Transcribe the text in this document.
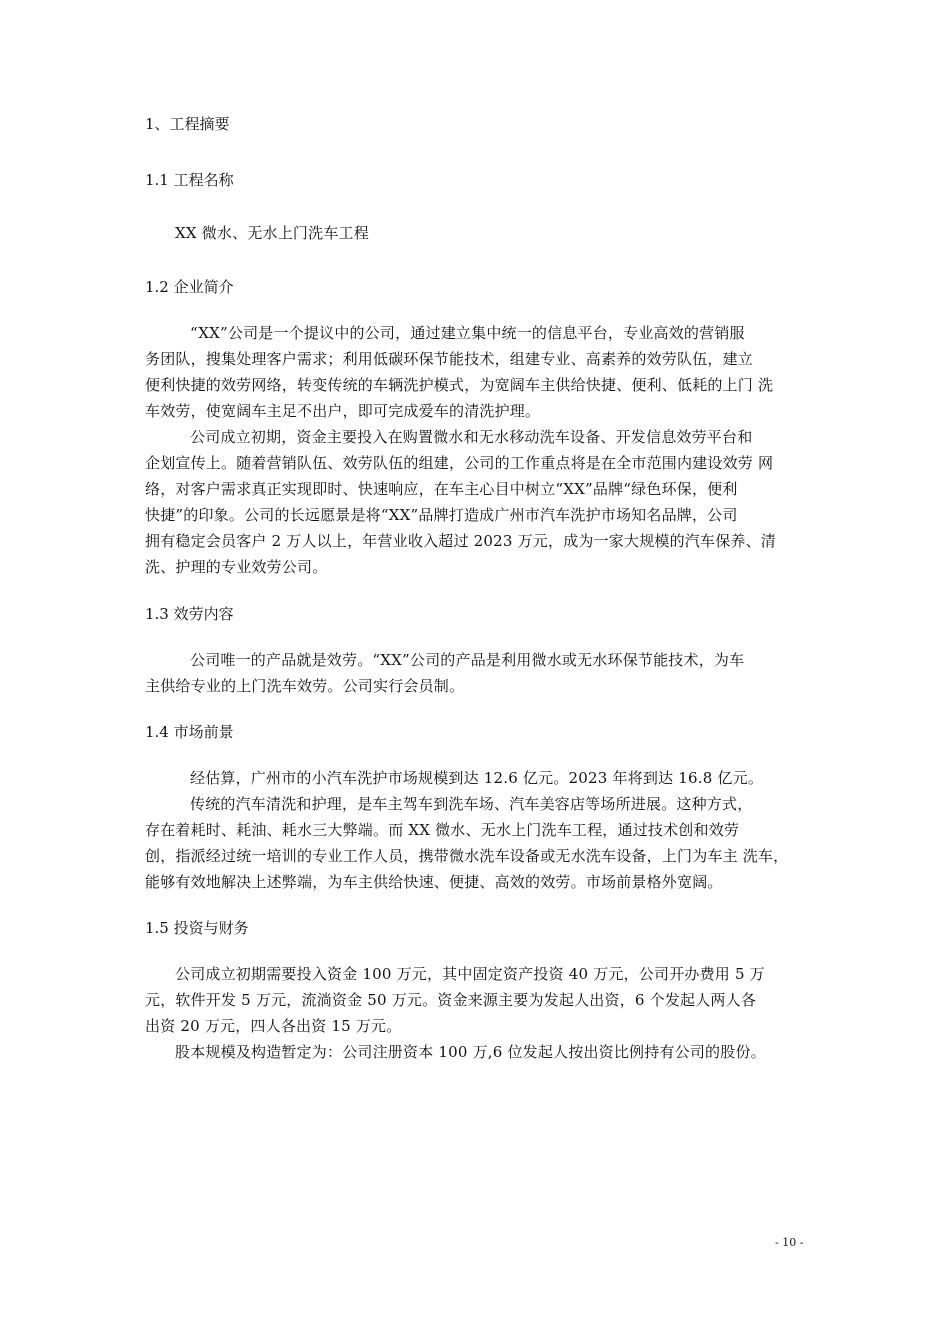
1、工程摘要
1.1 工程名称
XX 微水、无水上门洗车工程
1.2 企业简介
“XX”公司是一个提议中的公司，通过建立集中统一的信息平台，专业高效的营销服
务团队，搜集处理客户需求；利用低碳环保节能技术，组建专业、高素养的效劳队伍，建立
便利快捷的效劳网络，转变传统的车辆洗护模式，为宽阔车主供给快捷、便利、低耗的上门 洗
车效劳，使宽阔车主足不出户，即可完成爱车的清洗护理。
公司成立初期，资金主要投入在购置微水和无水移动洗车设备、开发信息效劳平台和
企划宣传上。随着营销队伍、效劳队伍的组建，公司的工作重点将是在全市范围内建设效劳 网
络，对客户需求真正实现即时、快速响应，在车主心目中树立“XX”品牌“绿色环保，便利
快捷”的印象。公司的长远愿景是将“XX”品牌打造成广州市汽车洗护市场知名品牌，公司
拥有稳定会员客户 2 万人以上，年营业收入超过 2023 万元，成为一家大规模的汽车保养、清
洗、护理的专业效劳公司。
1.3 效劳内容
公司唯一的产品就是效劳。“XX”公司的产品是利用微水或无水环保节能技术，为车
主供给专业的上门洗车效劳。公司实行会员制。
1.4 市场前景
经估算，广州市的小汽车洗护市场规模到达 12.6 亿元。2023 年将到达 16.8 亿元。
传统的汽车清洗和护理，是车主驾车到洗车场、汽车美容店等场所进展。这种方式，
存在着耗时、耗油、耗水三大弊端。而 XX 微水、无水上门洗车工程，通过技术创和效劳
创，指派经过统一培训的专业工作人员，携带微水洗车设备或无水洗车设备，上门为车主 洗车，
能够有效地解决上述弊端，为车主供给快速、便捷、高效的效劳。市场前景格外宽阔。
1.5 投资与财务
公司成立初期需要投入资金 100 万元，其中固定资产投资 40 万元，公司开办费用 5 万
元，软件开发 5 万元，流淌资金 50 万元。资金来源主要为发起人出资，6 个发起人两人各
出资 20 万元，四人各出资 15 万元。
股本规模及构造暂定为：公司注册资本 100 万,6 位发起人按出资比例持有公司的股份。
- 10 -
